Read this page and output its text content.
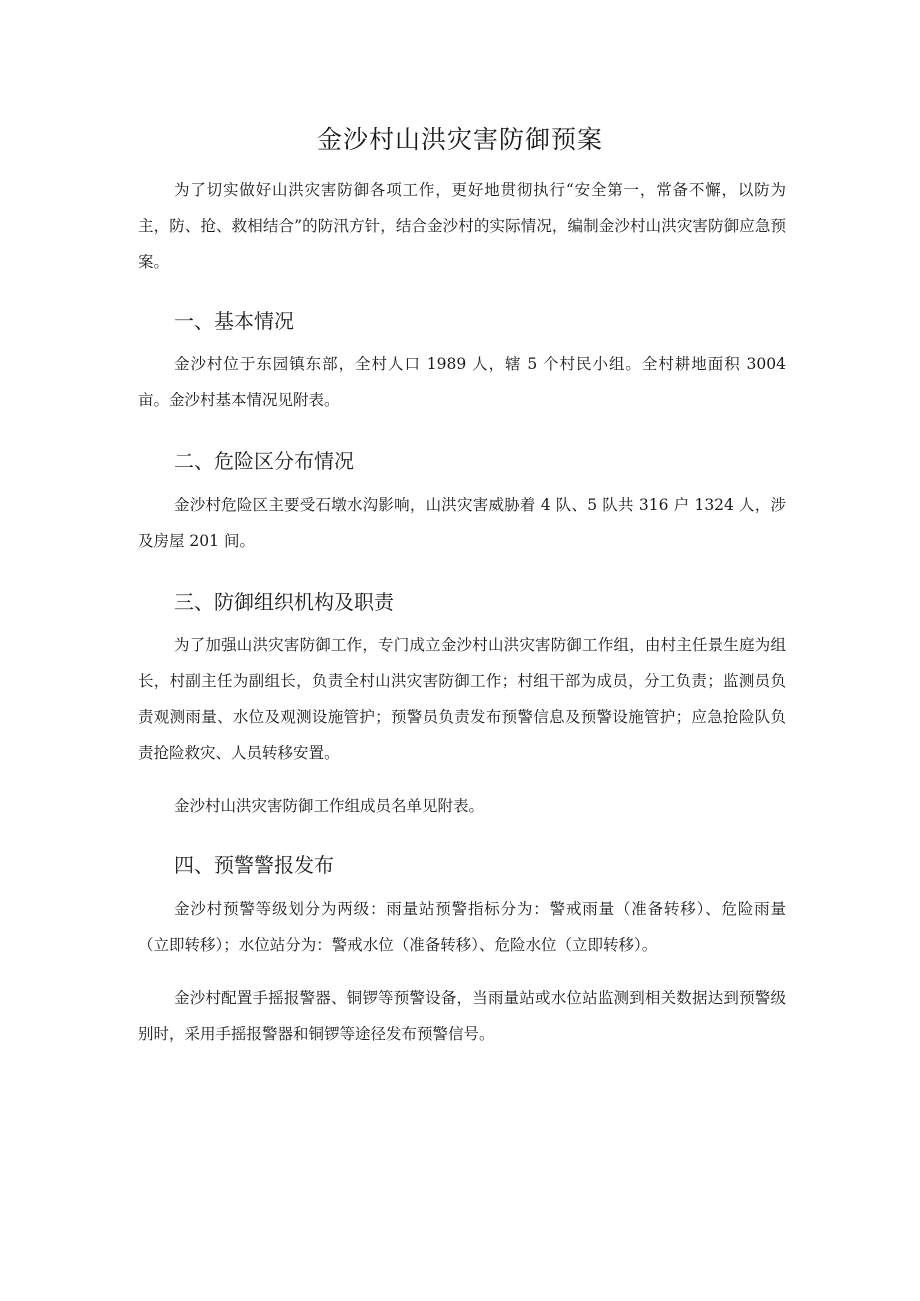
金沙村山洪灾害防御预案

为了切实做好山洪灾害防御各项工作，更好地贯彻执行“安全第一，常备不懈，以防为主，防、抢、救相结合”的防汛方针，结合金沙村的实际情况，编制金沙村山洪灾害防御应急预案。

一、基本情况

金沙村位于东园镇东部，全村人口 1989 人，辖 5 个村民小组。全村耕地面积 3004 亩。金沙村基本情况见附表。

二、危险区分布情况

金沙村危险区主要受石墩水沟影响，山洪灾害威胁着 4 队、5 队共 316 户 1324 人，涉及房屋 201 间。

三、防御组织机构及职责

为了加强山洪灾害防御工作，专门成立金沙村山洪灾害防御工作组，由村主任景生庭为组长，村副主任为副组长，负责全村山洪灾害防御工作；村组干部为成员，分工负责；监测员负责观测雨量、水位及观测设施管护；预警员负责发布预警信息及预警设施管护；应急抢险队负责抢险救灾、人员转移安置。

金沙村山洪灾害防御工作组成员名单见附表。

四、预警警报发布

金沙村预警等级划分为两级：雨量站预警指标分为：警戒雨量（准备转移）、危险雨量（立即转移）；水位站分为：警戒水位（准备转移）、危险水位（立即转移）。

金沙村配置手摇报警器、铜锣等预警设备，当雨量站或水位站监测到相关数据达到预警级别时，采用手摇报警器和铜锣等途径发布预警信号。
